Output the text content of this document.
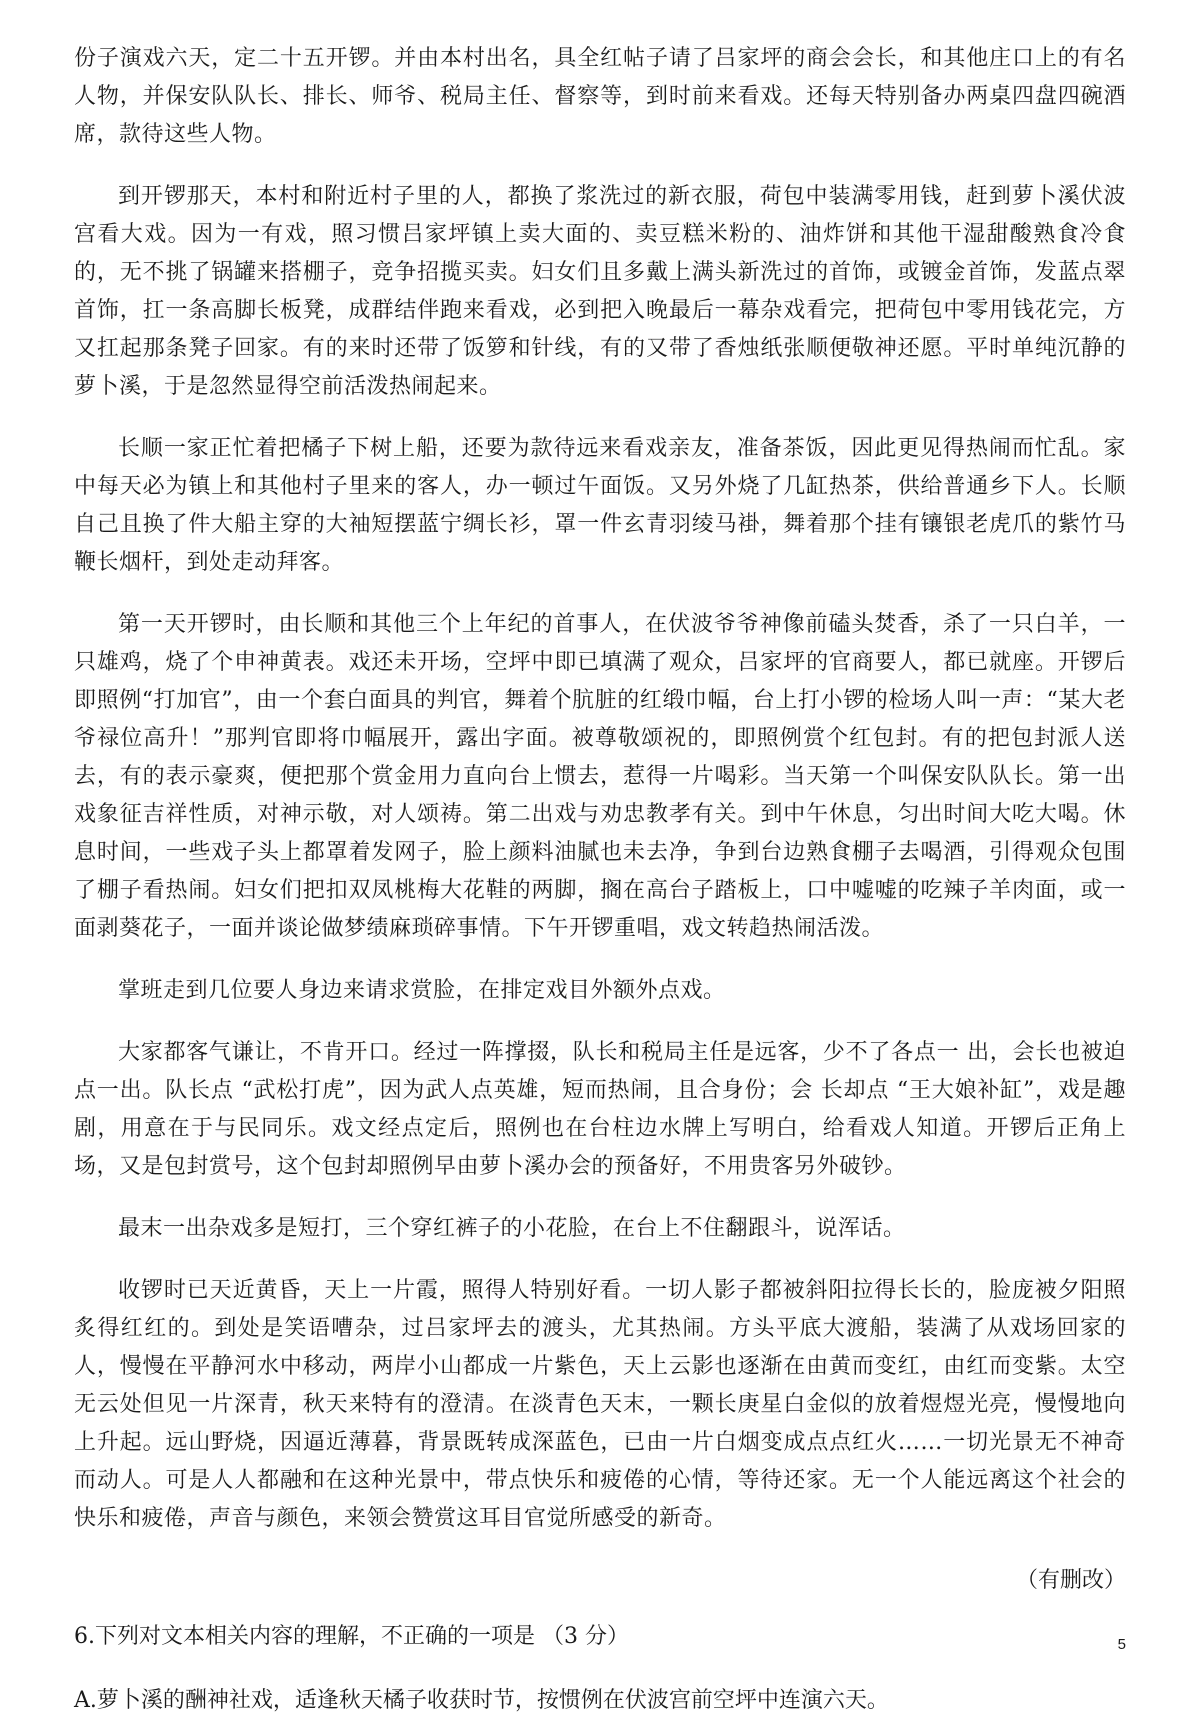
份子演戏六天，定二十五开锣。并由本村出名，具全红帖子请了吕家坪的商会会长，和其他庄口上的有名人物，并保安队队长、排长、师爷、税局主任、督察等，到时前来看戏。还每天特别备办两桌四盘四碗酒席，款待这些人物。

到开锣那天，本村和附近村子里的人，都换了浆洗过的新衣服，荷包中装满零用钱，赶到萝卜溪伏波宫看大戏。因为一有戏，照习惯吕家坪镇上卖大面的、卖豆糕米粉的、油炸饼和其他干湿甜酸熟食冷食的，无不挑了锅罐来搭棚子，竞争招揽买卖。妇女们且多戴上满头新洗过的首饰，或镀金首饰，发蓝点翠首饰，扛一条高脚长板凳，成群结伴跑来看戏，必到把入晚最后一幕杂戏看完，把荷包中零用钱花完，方又扛起那条凳子回家。有的来时还带了饭箩和针线，有的又带了香烛纸张顺便敬神还愿。平时单纯沉静的萝卜溪，于是忽然显得空前活泼热闹起来。

长顺一家正忙着把橘子下树上船，还要为款待远来看戏亲友，准备茶饭，因此更见得热闹而忙乱。家中每天必为镇上和其他村子里来的客人，办一顿过午面饭。又另外烧了几缸热茶，供给普通乡下人。长顺自己且换了件大船主穿的大袖短摆蓝宁绸长衫，罩一件玄青羽绫马褂，舞着那个挂有镶银老虎爪的紫竹马鞭长烟杆，到处走动拜客。

第一天开锣时，由长顺和其他三个上年纪的首事人，在伏波爷爷神像前磕头焚香，杀了一只白羊，一只雄鸡，烧了个申神黄表。戏还未开场，空坪中即已填满了观众，吕家坪的官商要人，都已就座。开锣后即照例“打加官”，由一个套白面具的判官，舞着个肮脏的红缎巾幅，台上打小锣的检场人叫一声：“某大老爷禄位高升！”那判官即将巾幅展开，露出字面。被尊敬颂祝的，即照例赏个红包封。有的把包封派人送去，有的表示豪爽，便把那个赏金用力直向台上惯去，惹得一片喝彩。当天第一个叫保安队队长。第一出戏象征吉祥性质，对神示敬，对人颂祷。第二出戏与劝忠教孝有关。到中午休息，匀出时间大吃大喝。休息时间，一些戏子头上都罩着发网子，脸上颜料油腻也未去净，争到台边熟食棚子去喝酒，引得观众包围了棚子看热闹。妇女们把扣双凤桃梅大花鞋的两脚，搁在高台子踏板上，口中嘘嘘的吃辣子羊肉面，或一面剥葵花子，一面并谈论做梦绩麻琐碎事情。下午开锣重唱，戏文转趋热闹活泼。

掌班走到几位要人身边来请求赏脸，在排定戏目外额外点戏。

大家都客气谦让，不肯开口。经过一阵撑掇，队长和税局主任是远客，少不了各点一 出，会长也被迫点一出。队长点 “武松打虎”，因为武人点英雄，短而热闹，且合身份；会 长却点 “王大娘补缸”，戏是趣剧，用意在于与民同乐。戏文经点定后，照例也在台柱边水牌上写明白，给看戏人知道。开锣后正角上场，又是包封赏号，这个包封却照例早由萝卜溪办会的预备好，不用贵客另外破钞。

最末一出杂戏多是短打，三个穿红裤子的小花脸，在台上不住翻跟斗，说浑话。

收锣时已天近黄昏，天上一片霞，照得人特别好看。一切人影子都被斜阳拉得长长的，脸庞被夕阳照炙得红红的。到处是笑语嘈杂，过吕家坪去的渡头，尤其热闹。方头平底大渡船，装满了从戏场回家的人，慢慢在平静河水中移动，两岸小山都成一片紫色，天上云影也逐渐在由黄而变红，由红而变紫。太空无云处但见一片深青，秋天来特有的澄清。在淡青色天末，一颗长庚星白金似的放着煜煜光亮，慢慢地向上升起。远山野烧，因逼近薄暮，背景既转成深蓝色，已由一片白烟变成点点红火……一切光景无不神奇而动人。可是人人都融和在这种光景中，带点快乐和疲倦的心情，等待还家。无一个人能远离这个社会的快乐和疲倦，声音与颜色，来领会赞赏这耳目官觉所感受的新奇。

（有删改）
6.下列对文本相关内容的理解，不正确的一项是 （3 分）
A.萝卜溪的酬神社戏，适逢秋天橘子收获时节，按惯例在伏波宫前空坪中连演六天。
5
